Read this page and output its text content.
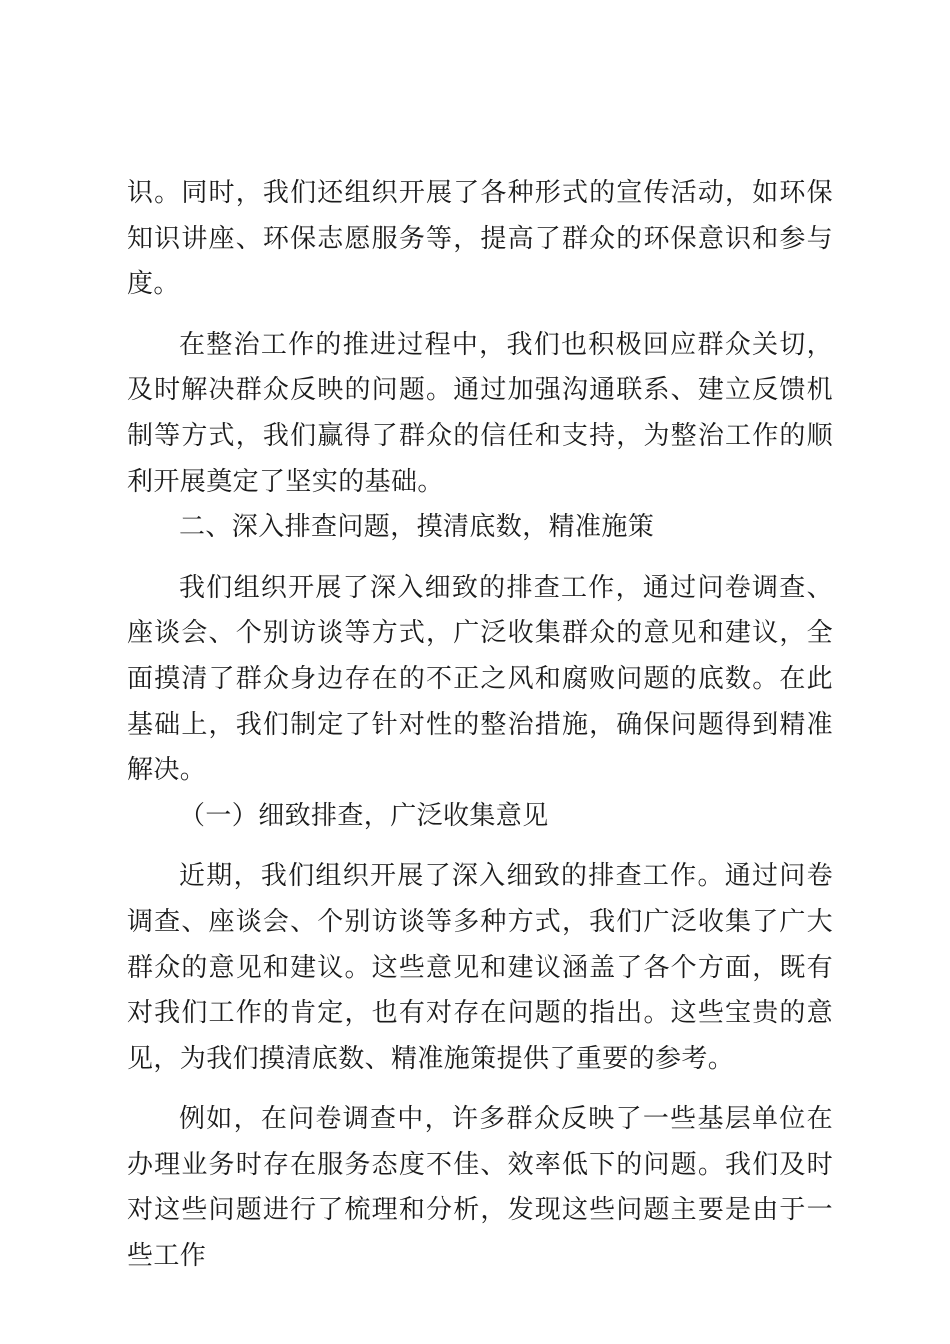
识。同时，我们还组织开展了各种形式的宣传活动，如环保知识讲座、环保志愿服务等，提高了群众的环保意识和参与度。

在整治工作的推进过程中，我们也积极回应群众关切，及时解决群众反映的问题。通过加强沟通联系、建立反馈机制等方式，我们赢得了群众的信任和支持，为整治工作的顺利开展奠定了坚实的基础。

二、深入排查问题，摸清底数，精准施策

我们组织开展了深入细致的排查工作，通过问卷调查、座谈会、个别访谈等方式，广泛收集群众的意见和建议，全面摸清了群众身边存在的不正之风和腐败问题的底数。在此基础上，我们制定了针对性的整治措施，确保问题得到精准解决。

（一）细致排查，广泛收集意见

近期，我们组织开展了深入细致的排查工作。通过问卷调查、座谈会、个别访谈等多种方式，我们广泛收集了广大群众的意见和建议。这些意见和建议涵盖了各个方面，既有对我们工作的肯定，也有对存在问题的指出。这些宝贵的意见，为我们摸清底数、精准施策提供了重要的参考。

例如，在问卷调查中，许多群众反映了一些基层单位在办理业务时存在服务态度不佳、效率低下的问题。我们及时对这些问题进行了梳理和分析，发现这些问题主要是由于一些工作
